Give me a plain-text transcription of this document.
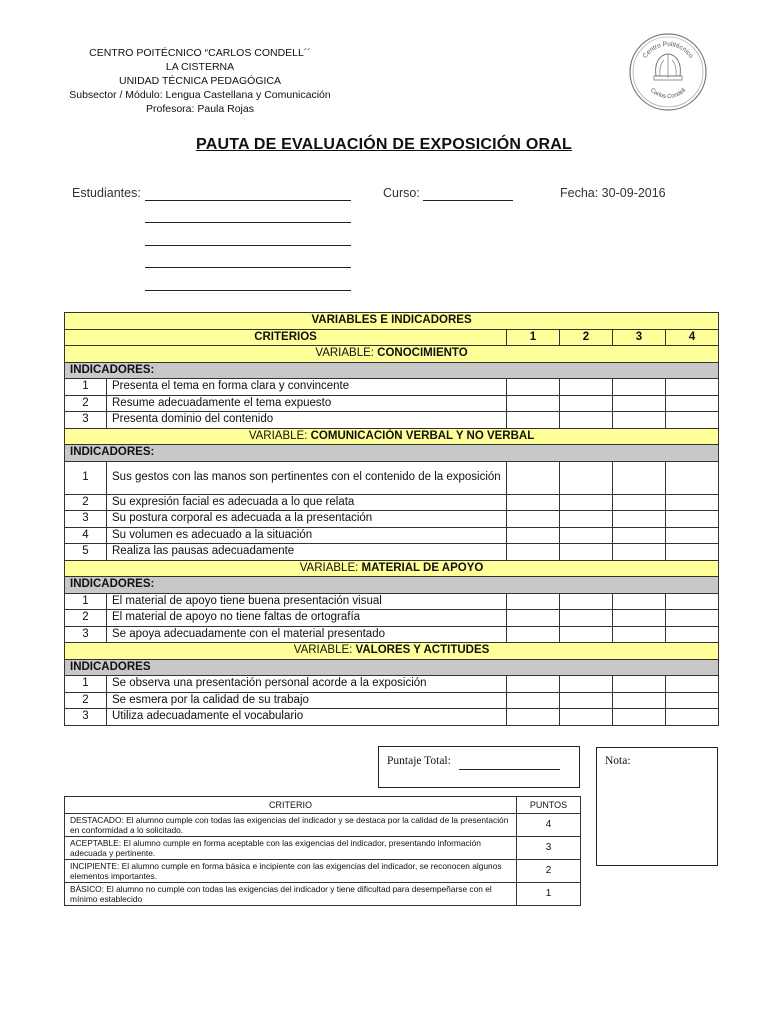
CENTRO POITÉCNICO “CARLOS CONDELL´´
LA CISTERNA
UNIDAD TÉCNICA PEDAGÓGICA
Subsector / Módulo: Lengua Castellana y Comunicación
Profesora: Paula Rojas
Centro Politécnico
Carlos Condell
PAUTA DE EVALUACIÓN DE EXPOSICIÓN ORAL
Estudiantes:	Curso:	Fecha: 30-09-2016
VARIABLES E INDICADORES					
CRITERIOS		1	2	3	4
VARIABLE: CONOCIMIENTO					
INDICADORES:					
1	Presenta el tema en forma clara y convincente				
2	Resume adecuadamente el tema expuesto				
3	Presenta dominio del contenido				
VARIABLE: COMUNICACIÓN VERBAL Y NO VERBAL					
INDICADORES:					
1	Sus gestos con las manos son pertinentes con el contenido de la exposición				
2	Su expresión facial es adecuada a lo que relata				
3	Su postura corporal es adecuada a la presentación				
4	Su volumen es adecuado a la situación				
5	Realiza las pausas adecuadamente				
VARIABLE: MATERIAL DE APOYO					
INDICADORES:					
1	El material de apoyo tiene buena presentación visual				
2	El material de apoyo no tiene faltas de ortografía				
3	Se apoya adecuadamente con el material presentado				
VARIABLE: VALORES Y ACTITUDES					
INDICADORES					
1	Se observa una presentación personal acorde a la exposición				
2	Se esmera por la calidad de su trabajo				
3	Utiliza adecuadamente el vocabulario				
Puntaje Total:	Nota:
CRITERIO	PUNTOS
DESTACADO: El alumno cumple con todas las exigencias del indicador y se destaca por la calidad de la presentación en conformidad a lo solicitado.	4
ACEPTABLE: El alumno cumple en forma aceptable con las exigencias del indicador, presentando información adecuada y pertinente.	3
INCIPIENTE: El alumno cumple en forma básica e incipiente con las exigencias del indicador, se reconocen algunos elementos importantes.	2
BÁSICO: El alumno no cumple con todas las exigencias del indicador y tiene dificultad para desempeñarse con el mínimo establecido	1
